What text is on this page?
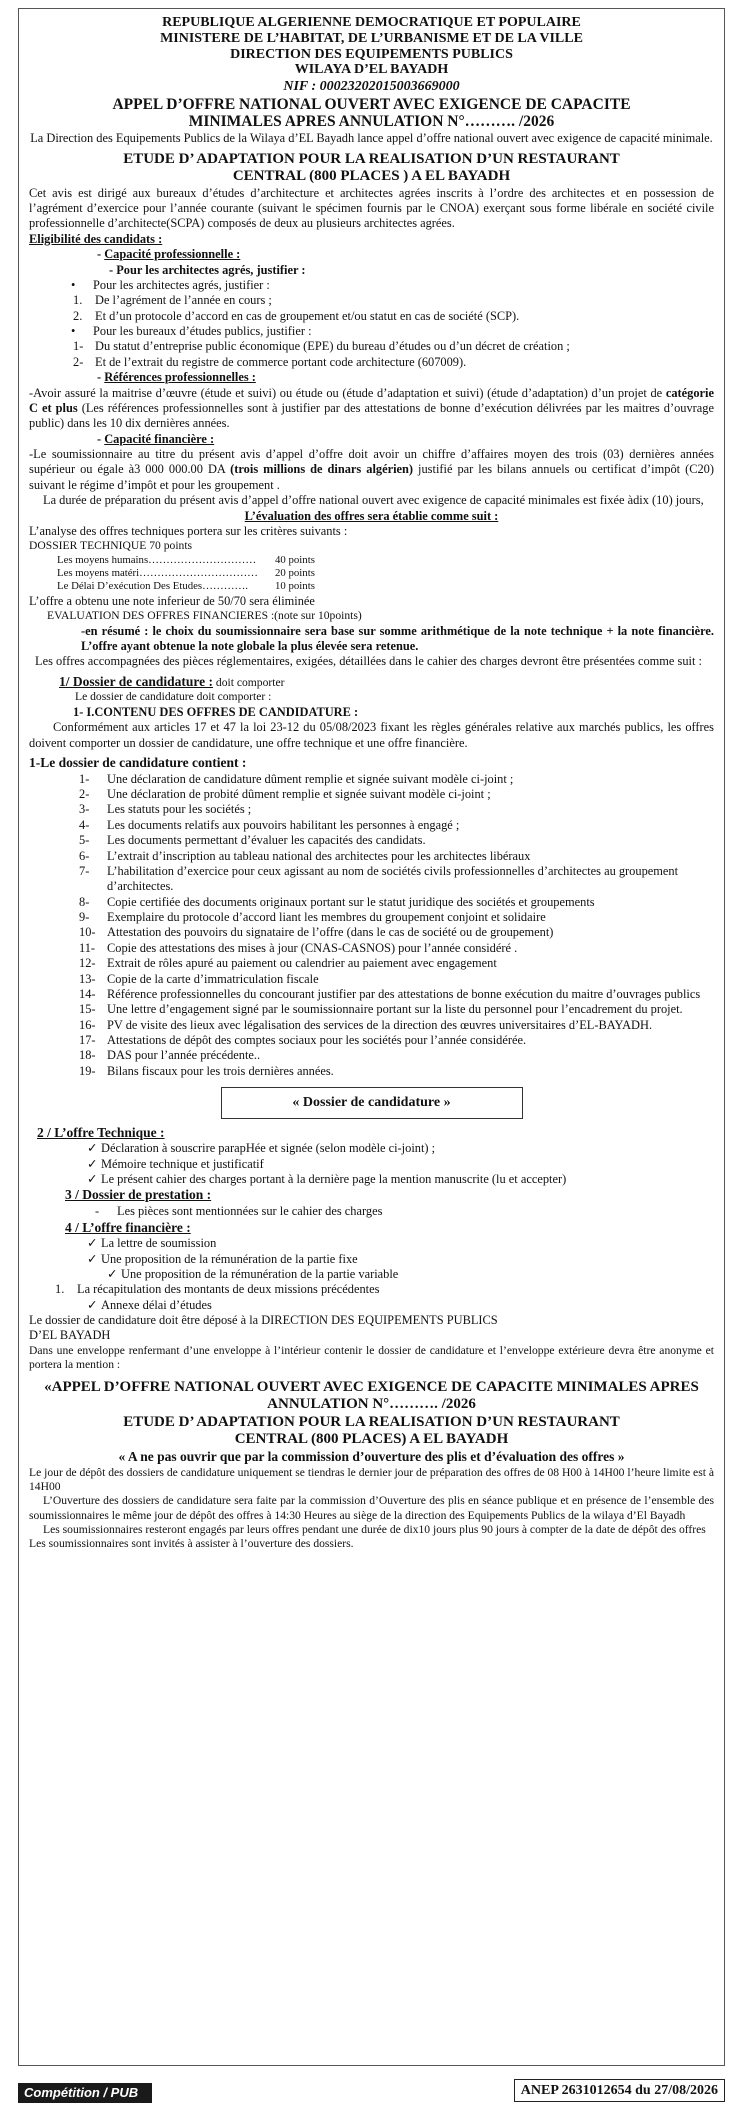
REPUBLIQUE ALGERIENNE DEMOCRATIQUE ET POPULAIRE
MINISTERE DE L’HABITAT, DE L’URBANISME ET DE LA VILLE
DIRECTION DES EQUIPEMENTS PUBLICS
WILAYA D’EL BAYADH
NIF : 000232020150036690​00
APPEL D’OFFRE NATIONAL OUVERT AVEC EXIGENCE DE CAPACITE
MINIMALES APRES ANNULATION N°………. /2026

La Direction des Equipements Publics de la Wilaya d’EL Bayadh lance appel d’offre national ouvert avec exigence de capacité minimale.

ETUDE D’ ADAPTATION POUR LA REALISATION D’UN RESTAURANT
CENTRAL (800 PLACES ) A EL BAYADH

Cet avis est dirigé aux bureaux d’études d’architecture et architectes agrées inscrits à l’ordre des architectes et en possession de l’agrément d’exercice pour l’année courante (suivant le spécimen fournis par le CNOA) exerçant sous forme libérale en société civile professionnelle d’architecte(SCPA) composés de deux au plusieurs architectes agrées.

Eligibilité des candidats :
- Capacité professionnelle :
- Pour les architectes agrés, justifier :
•	Pour les architectes agrés, justifier :
1.	De l’agrément de l’année en cours ;
2.	Et d’un protocole d’accord en cas de groupement et/ou statut en cas de société (SCP).
•	Pour les bureaux d’études publics, justifier :
1- Du statut d’entreprise public économique (EPE) du bureau d’études ou d’un décret de création ;
2- Et de l’extrait du registre de commerce portant code architecture (607009).
- Références professionnelles :

-Avoir assuré la maitrise d’œuvre (étude et suivi) ou étude ou (étude d’adaptation et suivi) (étude d’adaptation) d’un projet de catégorie C et plus (Les références professionnelles sont à justifier par des attestations de bonne d’exécution délivrées par les maitres d’ouvrage public) dans les 10 dix dernières années.

- Capacité financière :

-Le soumissionnaire au titre du présent avis d’appel d’offre doit avoir un chiffre d’affaires moyen des trois (03) dernières années supérieur ou égale à3 000 000.00 DA (trois millions de dinars algérien) justifié par les bilans annuels ou certificat d’impôt (C20) suivant le régime d’impôt et pour les groupement .

La durée de préparation du présent avis d’appel d’offre national ouvert avec exigence de capacité minimales est fixée àdix (10) jours,

L’évaluation des offres sera établie comme suit :

L’analyse des offres techniques portera sur les critères suivants :

DOSSIER TECHNIQUE 70 points

Les moyens humains…………………………	40 points
Les moyens matéri……………………………	20 points
Le Délai D’exécution Des Etudes………….	10 points

L’offre a obtenu une note inferieur de 50/70 sera éliminée

EVALUATION DES OFFRES FINANCIERES :(note sur 10points)

-en résumé : le choix du soumissionnaire sera base sur somme arithmétique de la note technique + la note financière. L’offre ayant obtenue la note globale la plus élevée sera retenue.

Les offres accompagnées des pièces réglementaires, exigées, détaillées dans le cahier des charges devront être présentées comme suit :

1/ Dossier de candidature : doit comporter

Le dossier de candidature doit comporter :

1- I.CONTENU DES OFFRES DE CANDIDATURE :

Conformément aux articles 17 et 47 la loi 23-12 du 05/08/2023 fixant les règles générales relative aux marchés publics, les offres doivent comporter un dossier de candidature, une offre technique et une offre financière.

1-Le dossier de candidature contient :

1-	Une déclaration de candidature dûment remplie et signée suivant modèle ci-joint ;
2-	Une déclaration de probité dûment remplie et signée suivant modèle ci-joint ;
3-	Les statuts pour les sociétés ;
4-	Les documents relatifs aux pouvoirs habilitant les personnes à engagé ;
5-	Les documents permettant d’évaluer les capacités des candidats.
6-	L’extrait d’inscription au tableau national des architectes pour les architectes libéraux
7-	L’habilitation d’exercice pour ceux agissant au nom de sociétés civils professionnelles d’architectes au groupement d’architectes.
8-	Copie certifiée des documents originaux portant sur le statut juridique des sociétés et groupements
9-	Exemplaire du protocole d’accord liant les membres du groupement conjoint et solidaire
10- Attestation des pouvoirs du signataire de l’offre (dans le cas de société ou de groupement)
11- Copie des attestations des mises à jour (CNAS-CASNOS) pour l’année considéré .
12- Extrait de rôles apuré au paiement ou calendrier au paiement avec engagement
13- Copie de la carte d’immatriculation fiscale
14- Référence professionnelles du concourant justifier par des attestations de bonne exécution du maitre d’ouvrages publics
15- Une lettre d’engagement signé par le soumissionnaire portant sur la liste du personnel pour l’encadrement du projet.
16- PV de visite des lieux avec légalisation des services de la direction des œuvres universitaires d’EL-BAYADH.
17- Attestations de dépôt des comptes sociaux pour les sociétés pour l’année considérée.
18- DAS pour l’année précédente..
19- Bilans fiscaux pour les trois dernières années.
« Dossier de candidature »
2 / L’offre Technique :
✓ Déclaration à souscrire parapHée et signée (selon modèle ci-joint) ;
✓ Mémoire technique et justificatif
✓ Le présent cahier des charges portant à la dernière page la mention manuscrite (lu et accepter)
3 / Dossier de prestation :
-	Les pièces sont mentionnées sur le cahier des charges
4 / L’offre financière :
✓ La lettre de soumission
✓ Une proposition de la rémunération de la partie fixe
✓ Une proposition de la rémunération de la partie variable
1.	La récapitulation des montants de deux missions précédentes
✓ Annexe délai d’études

Le dossier de candidature doit être déposé à la DIRECTION DES EQUIPEMENTS PUBLICS

D’EL BAYADH

Dans une enveloppe renfermant d’une enveloppe à l’intérieur contenir le dossier de candidature et l’enveloppe extérieure devra être anonyme et portera la mention :

«APPEL D’OFFRE NATIONAL OUVERT AVEC EXIGENCE DE CAPACITE MINIMALES APRES
ANNULATION N°………. /2026
ETUDE D’ ADAPTATION POUR LA REALISATION D’UN RESTAURANT
CENTRAL (800 PLACES) A EL BAYADH
« A ne pas ouvrir que par la commission d’ouverture des plis et d’évaluation des offres »

Le jour de dépôt des dossiers de candidature uniquement se tiendras le dernier jour de préparation des offres de 08 H00 à 14H00 l’heure limite est à 14H00

L’Ouverture des dossiers de candidature sera faite par la commission d’Ouverture des plis en séance publique et en présence de l’ensemble des soumissionnaires le même jour de dépôt des offres à 14:30 Heures au siège de la direction des Equipements Publics de la wilaya d’El Bayadh

Les soumissionnaires resteront engagés par leurs offres pendant une durée de dix10 jours plus 90 jours à compter de la date de dépôt des offres

Les soumissionnaires sont invités à assister à l’ouverture des dossiers.

Compétition / PUB	ANEP 2631012654 du 27/08/2026
